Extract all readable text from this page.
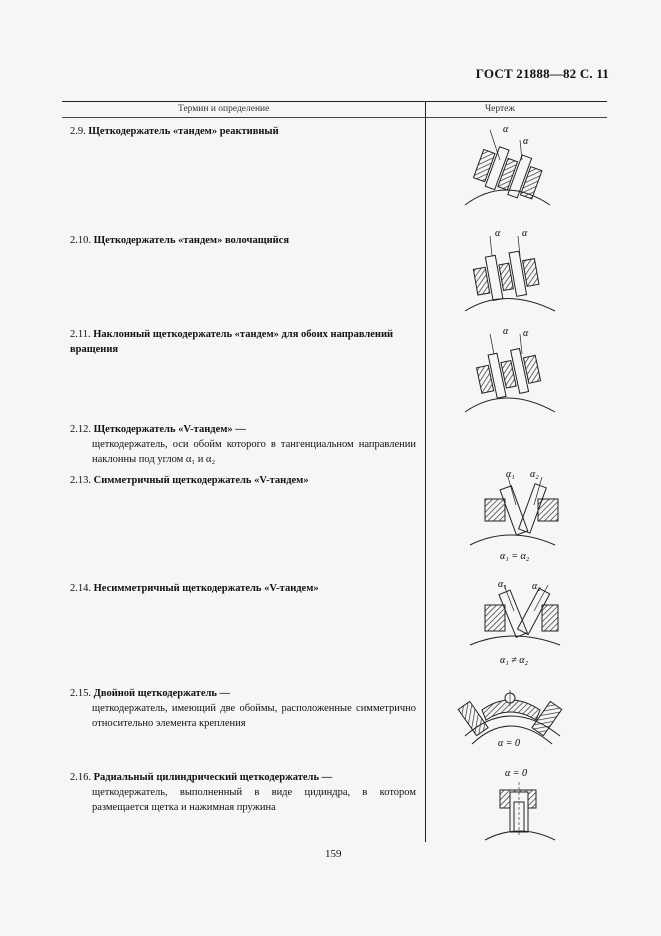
ГОСТ 21888—82 С. 11
Термин и определение	Чертеж
2.9. Щеткодержатель «тандем» реактивный
2.10. Щеткодержатель «тандем» волочащийся
2.11. Наклонный щеткодержатель «тандем» для обоих направлений вращения
2.12. Щеткодержатель «V-тандем» —
щеткодержатель, оси обойм которого в тангенциальном направлении наклонны под углом α₁ и α₂
2.13. Симметричный щеткодержатель «V-тандем»
2.14. Несимметричный щеткодержатель «V-тандем»
2.15. Двойной щеткодержатель —
щеткодержатель, имеющий две обоймы, расположенные симметрично относительно элемента крепления
2.16. Радиальный цилиндрический щеткодержатель —
щеткодержатель, выполненный в виде цидиндра, в котором размещается щетка и нажимная пружина
α
α
α α
α α
α₁ α₂
α₁ = α₂
α₁	α₂
α₁ ≠ α₂
α = 0
α = 0
159
